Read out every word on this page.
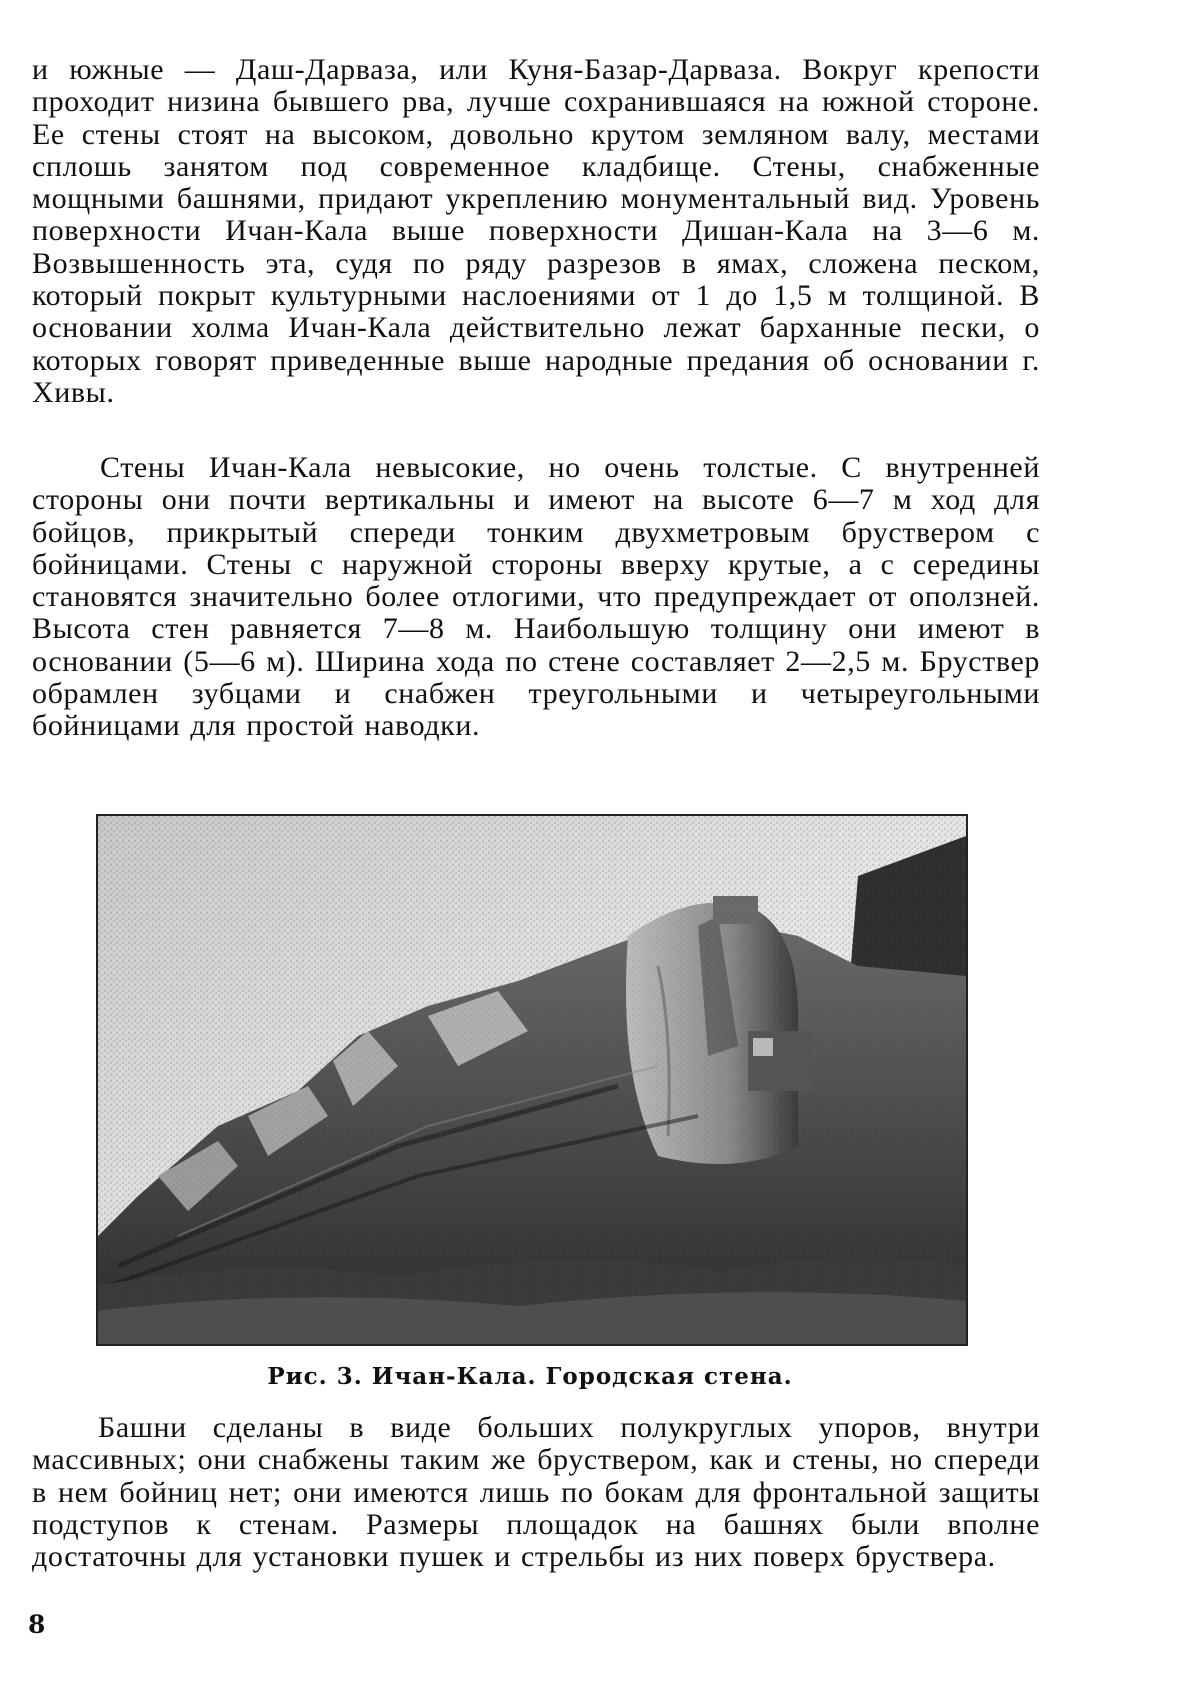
и южные — Даш-Дарваза, или Куня-Базар-Дарваза. Вокруг крепости проходит низина бывшего рва, лучше сохранившаяся на южной стороне. Ее стены стоят на высоком, довольно крутом земляном валу, местами сплошь занятом под современное кладбище. Стены, снабженные мощными башнями, придают укреплению монументальный вид. Уровень поверхности Ичан-Кала выше поверхности Дишан-Кала на 3—6 м. Возвышенность эта, судя по ряду разрезов в ямах, сложена песком, который покрыт культурными наслоениями от 1 до 1,5 м толщиной. В основании холма Ичан-Кала действительно лежат барханные пески, о которых говорят приведенные выше народные предания об основании г. Хивы.

Стены Ичан-Кала невысокие, но очень толстые. С внутренней стороны они почти вертикальны и имеют на высоте 6—7 м ход для бойцов, прикрытый спереди тонким двухметровым бруствером с бойницами. Стены с наружной стороны вверху крутые, а с середины становятся значительно более отлогими, что предупреждает от оползней. Высота стен равняется 7—8 м. Наибольшую толщину они имеют в основании (5—6 м). Ширина хода по стене составляет 2—2,5 м. Бруствер обрамлен зубцами и снабжен треугольными и четыреугольными бойницами для простой наводки.

Рис. 3. Ичан-Кала. Городская стена.

Башни сделаны в виде больших полукруглых упоров, внутри массивных; они снабжены таким же бруствером, как и стены, но спереди в нем бойниц нет; они имеются лишь по бокам для фронтальной защиты подступов к стенам. Размеры площадок на башнях были вполне достаточны для установки пушек и стрельбы из них поверх бруствера.

8
